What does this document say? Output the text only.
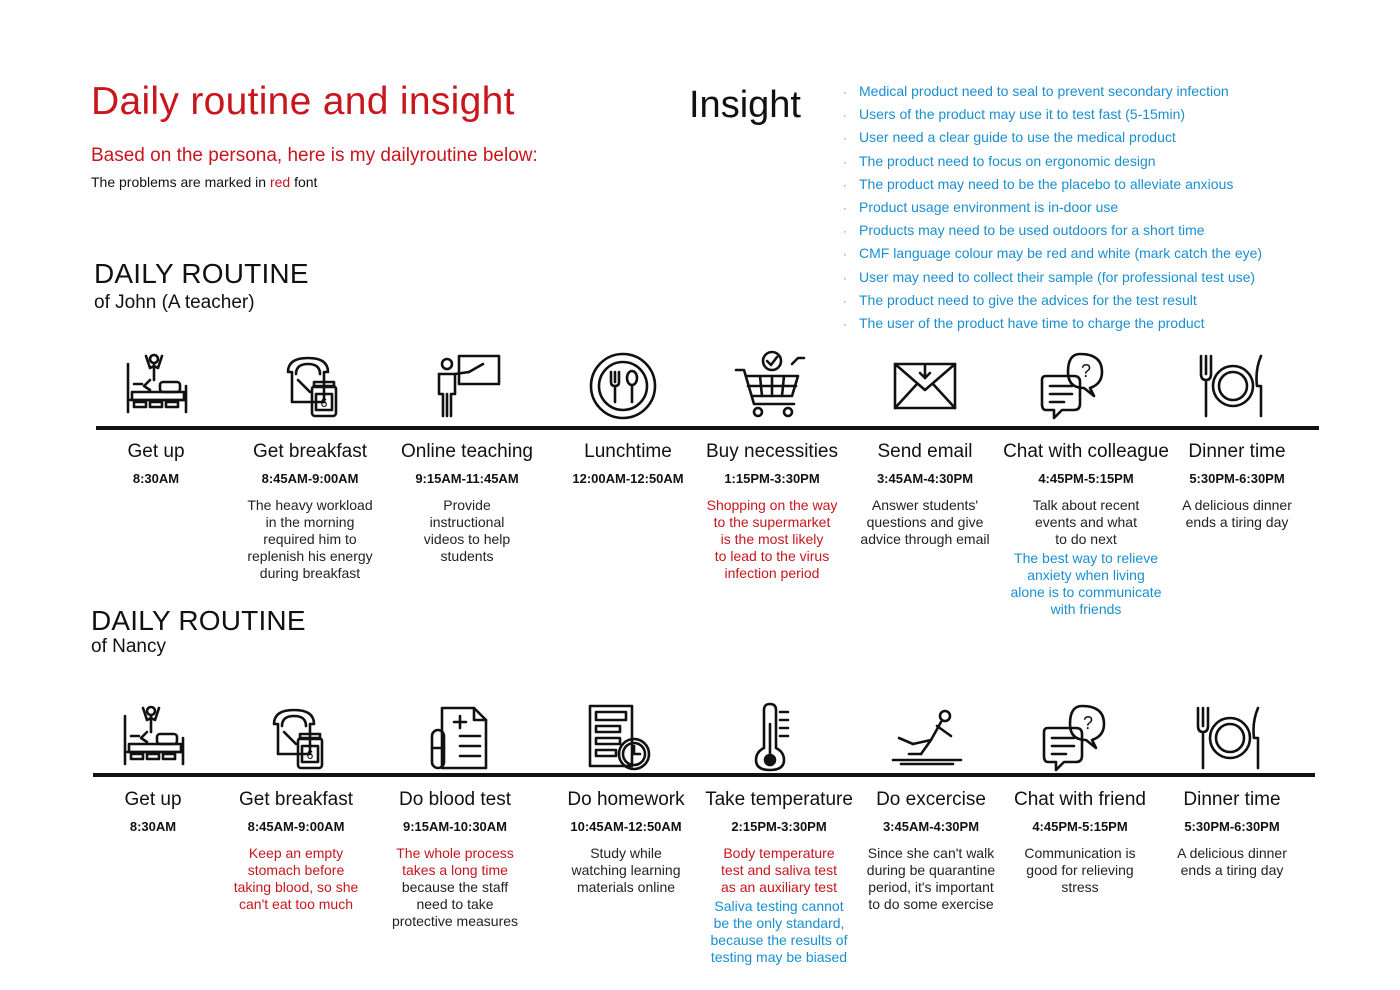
Daily routine and insight
Based on the persona, here is my dailyroutine below:
The problems are marked in red font
Insight	· Medical product need to seal to prevent secondary infection
· Users of the product may use it to test fast (5-15min)
· User need a clear guide to use the medical product
· The product need to focus on ergonomic design
· The product may need to be the placebo to alleviate anxious
· Product usage environment is in-door use
· Products may need to be used outdoors for a short time
· CMF language colour may be red and white (mark catch the eye)
· User may need to collect their sample (for professional test use)
· The product need to give the advices for the test result
· The user of the product have time to charge the product
DAILY ROUTINE
of John (A teacher)
Get up
8:30AM
6
Get breakfast
8:45AM-9:00AM
The heavy workload
in the morning
required him to
replenish his energy
during breakfast
Online teaching
9:15AM-11:45AM
Provide
instructional
videos to help
students
Lunchtime
12:00AM-12:50AM
Buy necessities
1:15PM-3:30PM
Shopping on the way
to the supermarket
is the most likely
to lead to the virus
infection period
Send email
3:45AM-4:30PM
Answer students'
questions and give
advice through email
?
Chat with colleague
4:45PM-5:15PM
Talk about recent
events and what
to do next
The best way to relieve
anxiety when living
alone is to communicate
with friends
Dinner time
5:30PM-6:30PM
A delicious dinner
ends a tiring day
DAILY ROUTINE
of Nancy
Get up
8:30AM
6
Get breakfast
8:45AM-9:00AM
Keep an empty
stomach before
taking blood, so she
can't eat too much
Do blood test
9:15AM-10:30AM
The whole process
takes a long time
because the staff
need to take
protective measures
Do homework
10:45AM-12:50AM
Study while
watching learning
materials online
Take temperature
2:15PM-3:30PM
Body temperature
test and saliva test
as an auxiliary test
Saliva testing cannot
be the only standard,
because the results of
testing may be biased
Do excercise
3:45AM-4:30PM
Since she can't walk
during be quarantine
period, it's important
to do some exercise
?
Chat with friend
4:45PM-5:15PM
Communication is
good for relieving
stress
Dinner time
5:30PM-6:30PM
A delicious dinner
ends a tiring day
